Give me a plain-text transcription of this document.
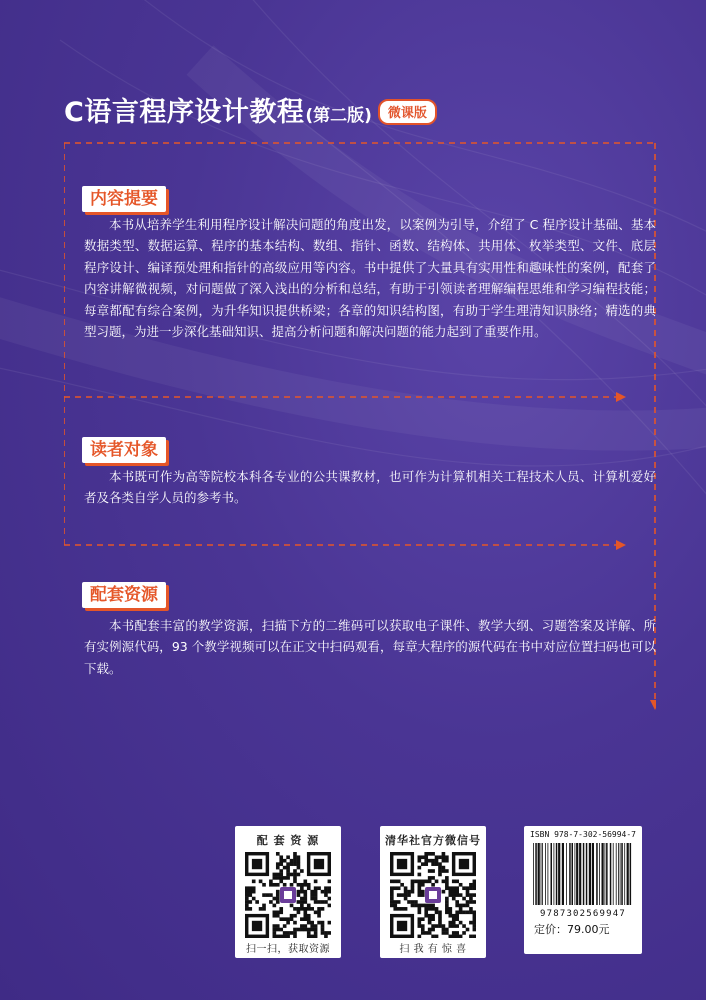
C语言程序设计教程(第二版) 微课版
内容提要
本书从培养学生利用程序设计解决问题的角度出发，以案例为引导，介绍了 C 程序设计基础、基本数据类型、数据运算、程序的基本结构、数组、指针、函数、结构体、共用体、枚举类型、文件、底层程序设计、编译预处理和指针的高级应用等内容。书中提供了大量具有实用性和趣味性的案例，配套了内容讲解微视频，对问题做了深入浅出的分析和总结，有助于引领读者理解编程思维和学习编程技能；每章都配有综合案例，为升华知识提供桥梁；各章的知识结构图，有助于学生理清知识脉络；精选的典型习题，为进一步深化基础知识、提高分析问题和解决问题的能力起到了重要作用。
读者对象
本书既可作为高等院校本科各专业的公共课教材，也可作为计算机相关工程技术人员、计算机爱好者及各类自学人员的参考书。
配套资源
本书配套丰富的教学资源，扫描下方的二维码可以获取电子课件、教学大纲、习题答案及详解、所有实例源代码，93 个教学视频可以在正文中扫码观看，每章大程序的源代码在书中对应位置扫码也可以下载。
配 套 资 源
扫一扫，获取资源
清华社官方微信号
扫 我 有 惊 喜
ISBN 978-7-302-56994-7
9787302569947
定价：79.00元
